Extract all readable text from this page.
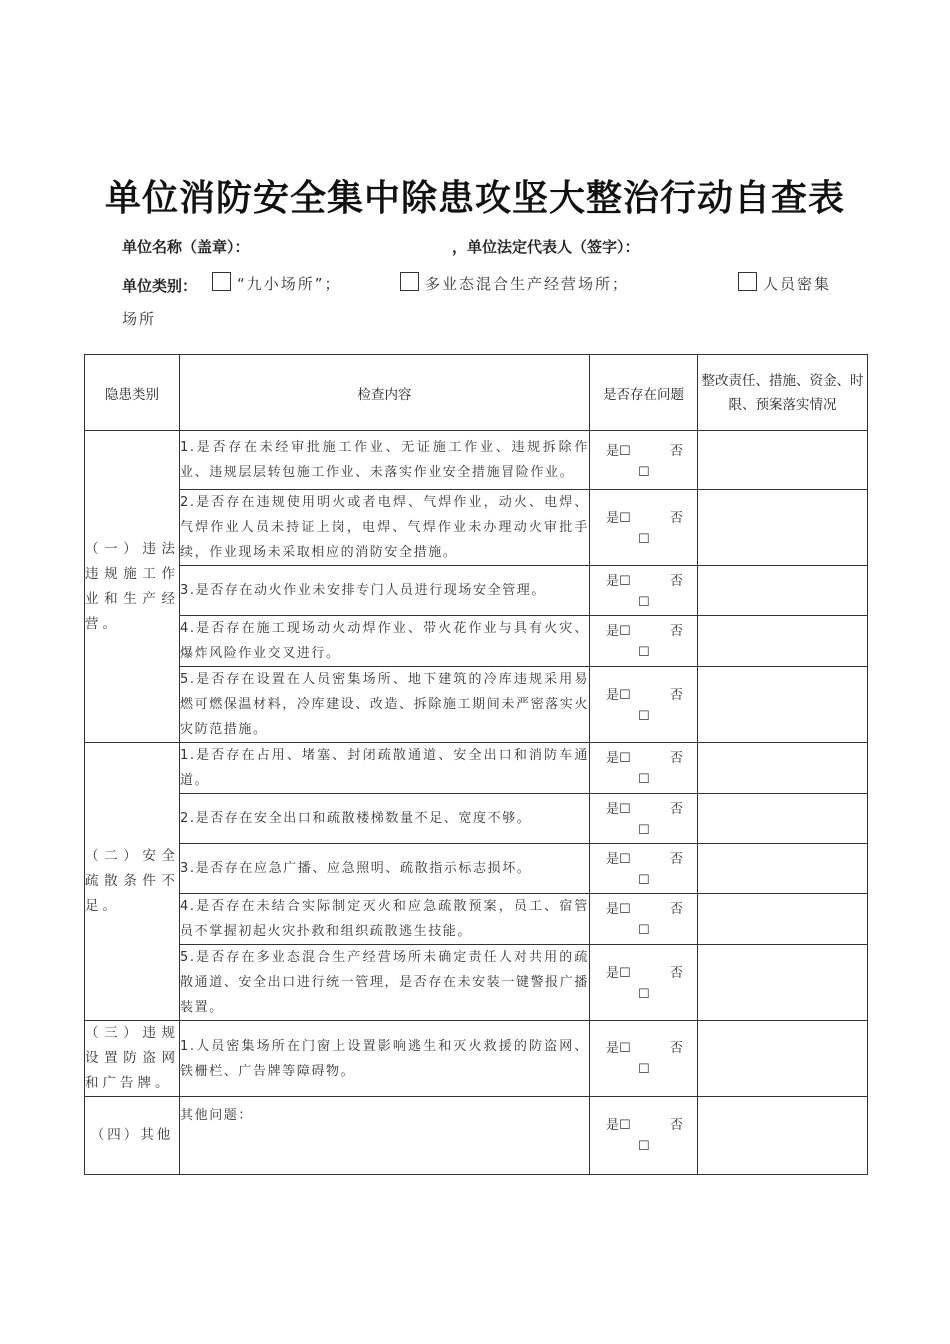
单位消防安全集中除患攻坚大整治行动自查表
单位名称（盖章）：	，单位法定代表人（签字）：
单位类别：	“九小场所”；	多业态混合生产经营场所；	人员密集
场所
隐患类别	检查内容	是否存在问题	整改责任、措施、资金、时限、预案落实情况
（一）违法违规施工作业和生产经营。	1.是否存在未经审批施工作业、无证施工作业、违规拆除作业、违规层层转包施工作业、未落实作业安全措施冒险作业。	是☐ 否
☐	

	2.是否存在违规使用明火或者电焊、气焊作业，动火、电焊、气焊作业人员未持证上岗，电焊、气焊作业未办理动火审批手续，作业现场未采取相应的消防安全措施。	是☐ 否
☐	

	3.是否存在动火作业未安排专门人员进行现场安全管理。	是☐ 否
☐	

	4.是否存在施工现场动火动焊作业、带火花作业与具有火灾、爆炸风险作业交叉进行。	是☐ 否
☐	

	5.是否存在设置在人员密集场所、地下建筑的冷库违规采用易燃可燃保温材料，冷库建设、改造、拆除施工期间未严密落实火灾防范措施。	是☐ 否
☐	

（二）安全疏散条件不足。	1.是否存在占用、堵塞、封闭疏散通道、安全出口和消防车通道。	是☐ 否
☐	

	2.是否存在安全出口和疏散楼梯数量不足、宽度不够。	是☐ 否
☐	

	3.是否存在应急广播、应急照明、疏散指示标志损坏。	是☐ 否
☐	

	4.是否存在未结合实际制定灭火和应急疏散预案，员工、宿管员不掌握初起火灾扑救和组织疏散逃生技能。	是☐ 否
☐	

	5.是否存在多业态混合生产经营场所未确定责任人对共用的疏散通道、安全出口进行统一管理，是否存在未安装一键警报广播装置。	是☐ 否
☐	

（三）违规设置防盗网和广告牌。	1.人员密集场所在门窗上设置影响逃生和灭火救援的防盗网、铁栅栏、广告牌等障碍物。	是☐ 否
☐	

（四）其他	其他问题：	是☐ 否
☐	
